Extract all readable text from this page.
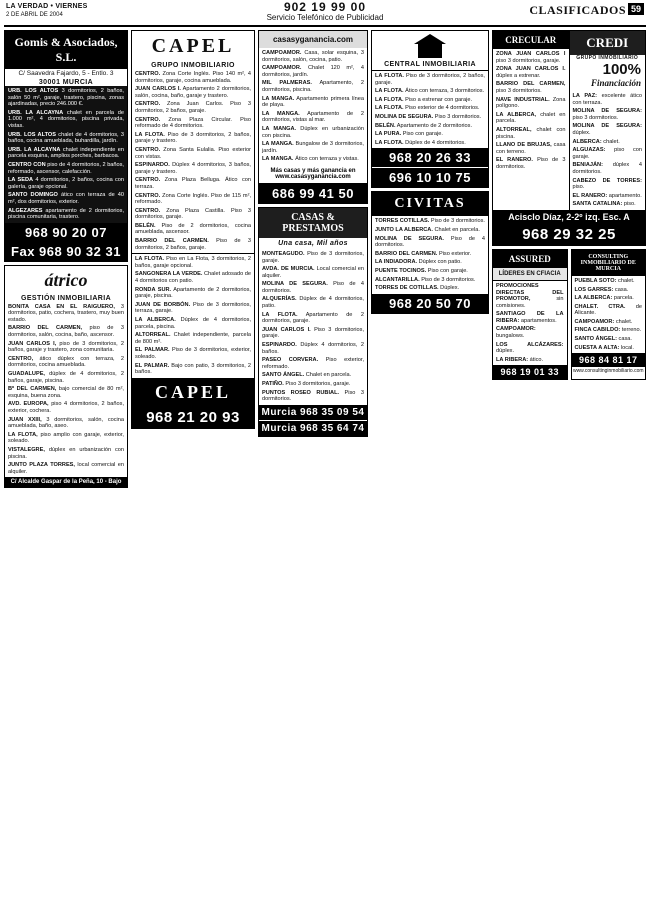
LA VERDAD • VIERNES
2 DE ABRIL DE 2004
902 19 99 00
Servicio Telefónico de Publicidad
CLASIFICADOS 59
Gomis & Asociados, S.L.
C/ Saavedra Fajardo, 5 - Entlo. 3
30001 MURCIA
URB. LOS ALTOS 3 dormitorios, 2 baños, salón 50 m², garaje, trastero, piscina, zonas ajardinadas, precio 246.000 €.
URB. LA ALCAYNA chalet en parcela de 1.000 m², 4 dormitorios, piscina privada, vistas.
URB. LOS ALTOS chalet de 4 dormitorios, 3 baños, cocina amueblada, buhardilla, jardín.
URB. LA ALCAYNA chalet independiente en parcela esquina, amplios porches, barbacoa.
CENTRO CON piso de 4 dormitorios, 2 baños, reformado, ascensor, calefacción.
LA SEDA 4 dormitorios, 2 baños, cocina con galería, garaje opcional.
SANTO DOMINGO ático con terraza de 40 m², dos dormitorios, exterior.
ALGEZARES apartamento de 2 dormitorios, piscina comunitaria, trastero.
968 90 20 07
Fax 968 90 32 31
átrico
GESTIÓN INMOBILIARIA
BONITA CASA EN EL RAIGUERO, 3 dormitorios, patio, cochera, trastero, muy buen estado.
BARRIO DEL CARMEN, piso de 3 dormitorios, salón, cocina, baño, ascensor.
JUAN CARLOS I, piso de 3 dormitorios, 2 baños, garaje y trastero, zona comunitaria.
CENTRO, ático dúplex con terraza, 2 dormitorios, cocina amueblada.
GUADALUPE, dúplex de 4 dormitorios, 2 baños, garaje, piscina.
Bº DEL CARMEN, bajo comercial de 80 m², esquina, buena zona.
AVD. EUROPA, piso 4 dormitorios, 2 baños, exterior, cochera.
JUAN XXIII, 3 dormitorios, salón, cocina amueblada, baño, aseo.
LA FLOTA, piso amplio con garaje, exterior, soleado.
VISTALEGRE, dúplex en urbanización con piscina.
JUNTO PLAZA TORRES, local comercial en alquiler.
C/ Alcalde Gaspar de la Peña, 10 - Bajo
CAPEL
GRUPO INMOBILIARIO
CENTRO. Zona Corte Inglés. Piso 140 m², 4 dormitorios, garaje, cocina amueblada.
JUAN CARLOS I. Apartamento 2 dormitorios, salón, cocina, baño, garaje y trastero.
CENTRO. Zona Juan Carlos. Piso 3 dormitorios, 2 baños, garaje.
CENTRO. Zona Plaza Circular. Piso reformado de 4 dormitorios.
LA FLOTA. Piso de 3 dormitorios, 2 baños, garaje y trastero.
CENTRO. Zona Santa Eulalia. Piso exterior con vistas.
ESPINARDO. Dúplex 4 dormitorios, 3 baños, garaje y trastero.
CENTRO. Zona Plaza Belluga. Ático con terraza.
CENTRO. Zona Corte Inglés. Piso de 115 m², reformado.
CENTRO. Zona Plaza Castilla. Piso 3 dormitorios, garaje.
BELÉN. Piso de 2 dormitorios, cocina amueblada, ascensor.
BARRIO DEL CARMEN. Piso de 3 dormitorios, 2 baños, garaje.
LA FLOTA. Piso en La Flota, 3 dormitorios, 2 baños, garaje opcional.
SANGONERA LA VERDE. Chalet adosado de 4 dormitorios con patio.
RONDA SUR. Apartamento de 2 dormitorios, garaje, piscina.
JUAN DE BORBÓN. Piso de 3 dormitorios, terraza, garaje.
LA ALBERCA. Dúplex de 4 dormitorios, parcela, piscina.
ALTORREAL. Chalet independiente, parcela de 800 m².
EL PALMAR. Piso de 3 dormitorios, exterior, soleado.
EL PALMAR. Bajo con patio, 3 dormitorios, 2 baños.
CAPEL
968 21 20 93
casasyganancia.com
CAMPOAMOR. Casa, solar esquina, 3 dormitorios, salón, cocina, patio.
CAMPOAMOR. Chalet 120 m², 4 dormitorios, jardín.
MIL PALMERAS. Apartamento, 2 dormitorios, piscina.
LA MANGA. Apartamento primera línea de playa.
LA MANGA. Apartamento de 2 dormitorios, vistas al mar.
LA MANGA. Dúplex en urbanización con piscina.
LA MANGA. Bungalow de 3 dormitorios, jardín.
LA MANGA. Ático con terraza y vistas.
Más casas y más ganancia en www.casasyganancia.com
686 99 41 50
CASAS & PRESTAMOS
Una casa, Mil años
MONTEAGUDO. Piso de 3 dormitorios, garaje.
AVDA. DE MURCIA. Local comercial en alquiler.
MOLINA DE SEGURA. Piso de 4 dormitorios.
ALQUERÍAS. Dúplex de 4 dormitorios, patio.
LA FLOTA. Apartamento de 2 dormitorios, garaje.
JUAN CARLOS I. Piso 3 dormitorios, garaje.
ESPINARDO. Dúplex 4 dormitorios, 2 baños.
PASEO CORVERA. Piso exterior, reformado.
SANTO ÁNGEL. Chalet en parcela.
PATIÑO. Piso 3 dormitorios, garaje.
PUNTOS ROSEO RUBIAL. Piso 3 dormitorios.
Murcia 968 35 09 54
Murcia 968 35 64 74
CENTRAL INMOBILIARIA
LA FLOTA. Piso de 3 dormitorios, 2 baños, garaje.
LA FLOTA. Ático con terraza, 3 dormitorios.
LA FLOTA. Piso a estrenar con garaje.
LA FLOTA. Piso exterior de 4 dormitorios.
MOLINA DE SEGURA. Piso 3 dormitorios.
BELÉN. Apartamento de 2 dormitorios.
LA PURA. Piso con garaje.
LA FLOTA. Dúplex de 4 dormitorios.
968 20 26 33
696 10 10 75
CIVITAS
TORRES COTILLAS. Piso de 3 dormitorios.
JUNTO LA ALBERCA. Chalet en parcela.
MOLINA DE SEGURA. Piso de 4 dormitorios.
BARRIO DEL CARMEN. Piso exterior.
LA INDIADORA. Dúplex con patio.
PUENTE TOCINOS. Piso con garaje.
ALCANTARILLA. Piso de 3 dormitorios.
TORRES DE COTILLAS. Dúplex.
968 20 50 70
CRECULAR
ZONA JUAN CARLOS I piso 3 dormitorios, garaje.
ZONA JUAN CARLOS I. dúplex a estrenar.
BARRIO DEL CARMEN, piso 3 dormitorios.
NAVE INDUSTRIAL. Zona polígono.
LA ALBERCA, chalet en parcela.
ALTORREAL, chalet con piscina.
LLANO DE BRUJAS, casa con terreno.
EL RANERO. Piso de 3 dormitorios.
CREDI
GRUPO INMOBILIARIO
100%
Financiación
LA PAZ: excelente ático con terraza.
MOLINA DE SEGURA: piso 3 dormitorios.
MOLINA DE SEGURA: dúplex.
ALBERCA: chalet.
ALGUAZAS: piso con garaje.
BENIAJÁN: dúplex 4 dormitorios.
CABEZO DE TORRES: piso.
EL RANERO: apartamento.
SANTA CATALINA: piso.
Acisclo Díaz, 2-2º izq. Esc. A
968 29 32 25
ASSURED
LÍDERES EN CFIACIA
PROMOCIONES DIRECTAS DEL PROMOTOR,	sin comisiones.
SANTIAGO DE LA RIBERA: apartamentos.
CAMPOAMOR: bungalows.
LOS ALCÁZARES: dúplex.
LA RIBERA: ático.
968 19 01 33
CONSULTING INMOBILIARIO DE MURCIA
PUEBLA SOTO: chalet.
LOS GARRES: casa.
LA ALBERCA: parcela.
CHALET. CTRA. de Alicante.
CAMPOAMOR: chalet.
FINCA CABILDO: terreno.
SANTO ÁNGEL: casa.
CUESTA A ALTA: local.
968 84 81 17
www.consultinginmobiliario.com
